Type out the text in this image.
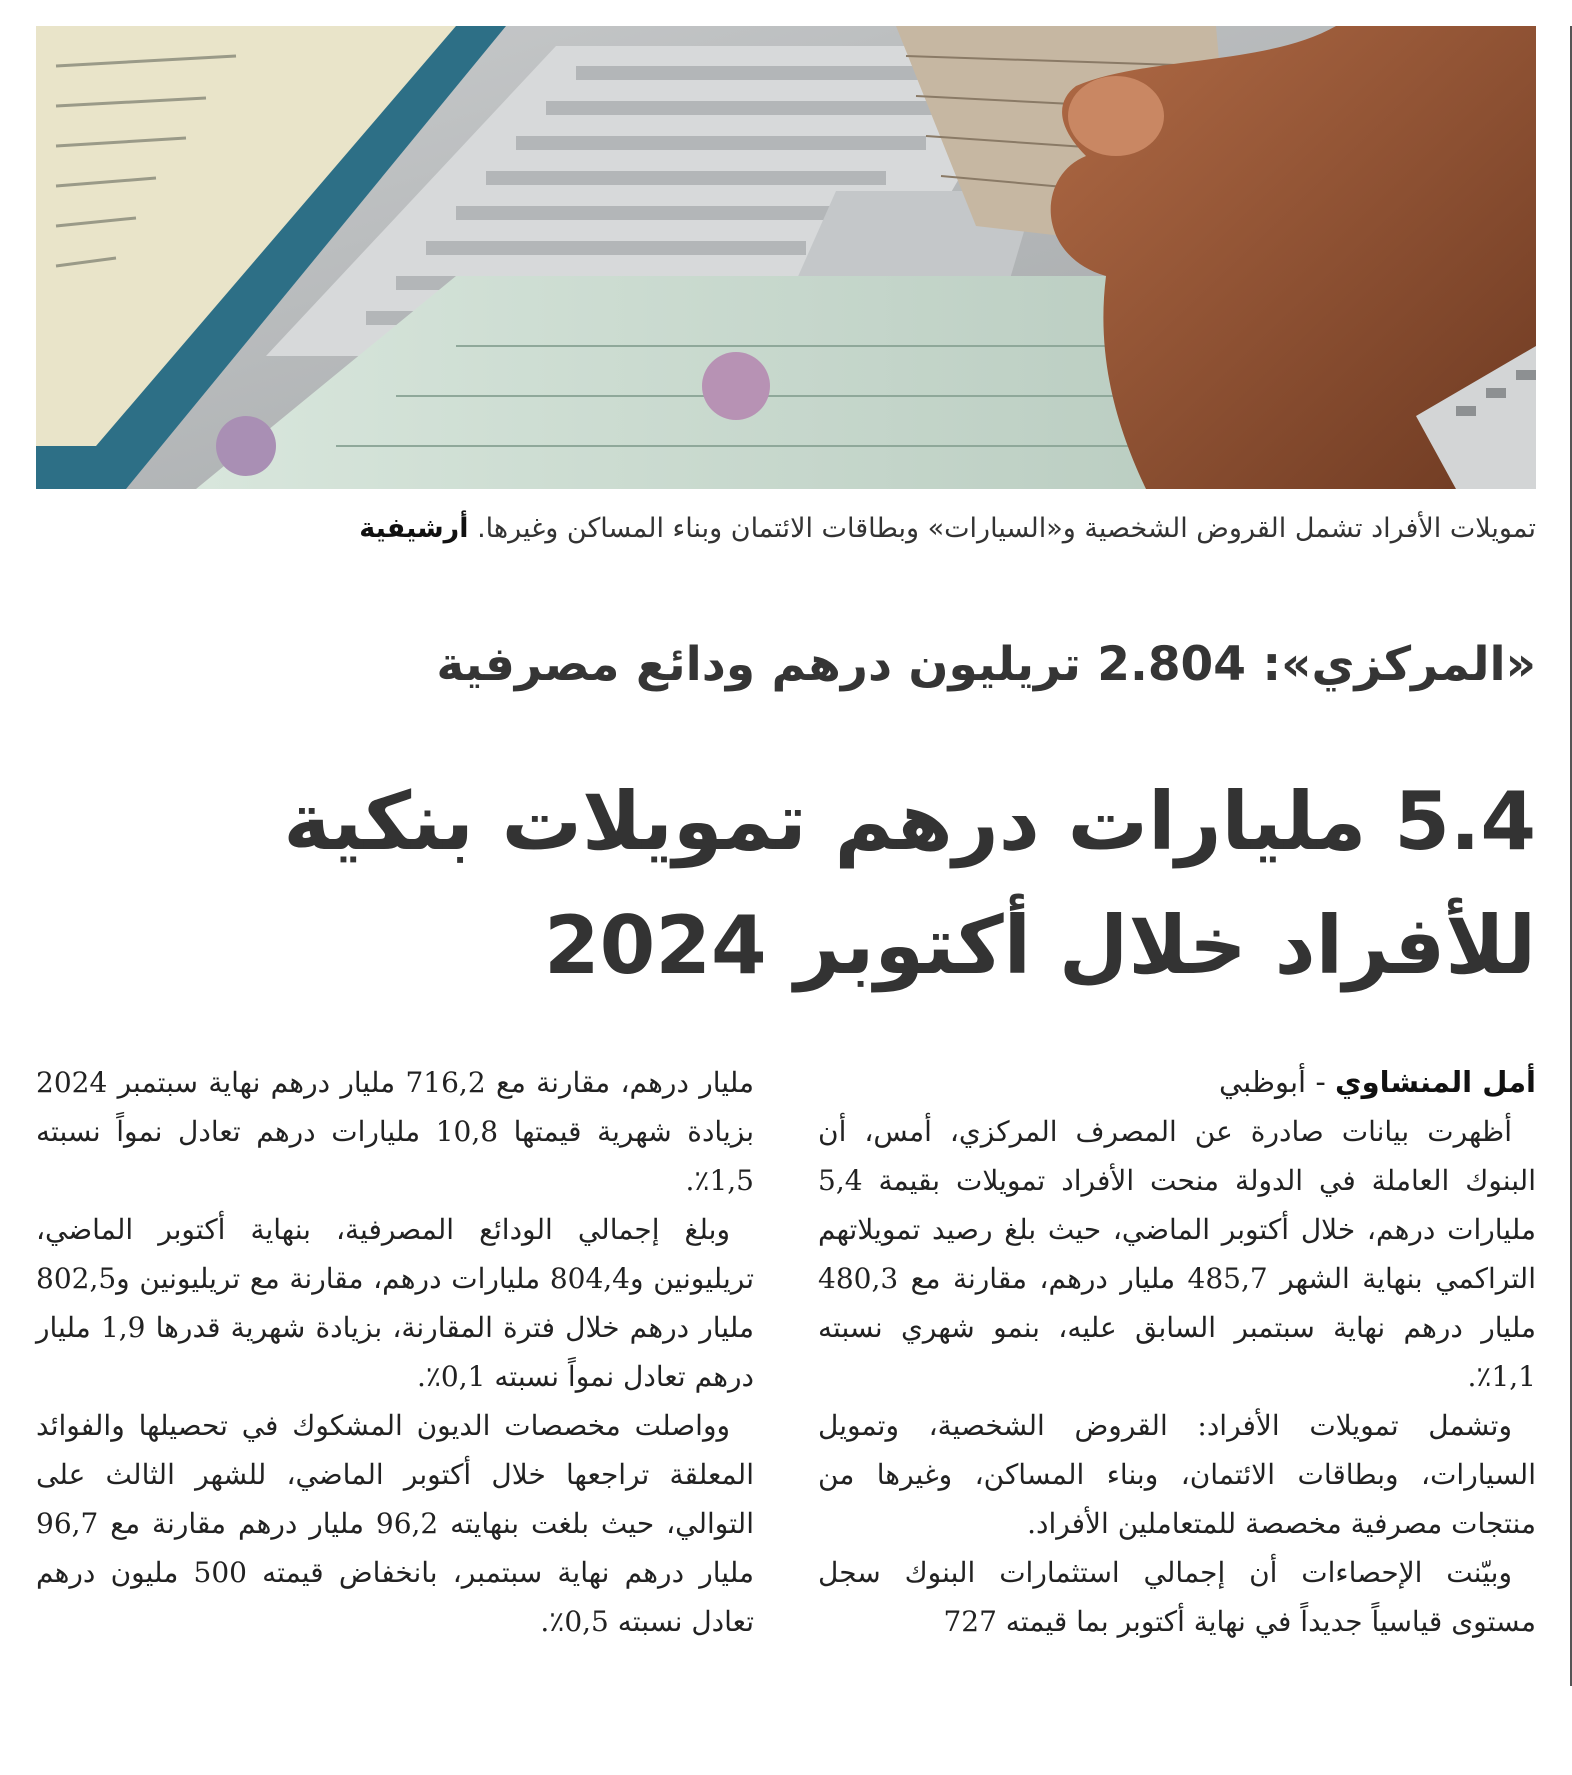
تمويلات الأفراد تشمل القروض الشخصية و«السيارات» وبطاقات الائتمان وبناء المساكن وغيرها. أرشيفية
«المركزي»: 2.804 تريليون درهم ودائع مصرفية
5.4 مليارات درهم تمويلات بنكية
للأفراد خلال أكتوبر 2024
أمل المنشاوي - أبوظبي

أظهرت بيانات صادرة عن المصرف المركزي، أمس، أن البنوك العاملة في الدولة منحت الأفراد تمويلات بقيمة 5,4 مليارات درهم، خلال أكتوبر الماضي، حيث بلغ رصيد تمويلاتهم التراكمي بنهاية الشهر 485,7 مليار درهم، مقارنة مع 480,3 مليار درهم نهاية سبتمبر السابق عليه، بنمو شهري نسبته 1,1٪.

وتشمل تمويلات الأفراد: القروض الشخصية، وتمويل السيارات، وبطاقات الائتمان، وبناء المساكن، وغيرها من منتجات مصرفية مخصصة للمتعاملين الأفراد.

وبيّنت الإحصاءات أن إجمالي استثمارات البنوك سجل مستوى قياسياً جديداً في نهاية أكتوبر بما قيمته 727

مليار درهم، مقارنة مع 716,2 مليار درهم نهاية سبتمبر 2024 بزيادة شهرية قيمتها 10,8 مليارات درهم تعادل نمواً نسبته 1,5٪.

وبلغ إجمالي الودائع المصرفية، بنهاية أكتوبر الماضي، تريليونين و804,4 مليارات درهم، مقارنة مع تريليونين و802,5 مليار درهم خلال فترة المقارنة، بزيادة شهرية قدرها 1,9 مليار درهم تعادل نمواً نسبته 0,1٪.

وواصلت مخصصات الديون المشكوك في تحصيلها والفوائد المعلقة تراجعها خلال أكتوبر الماضي، للشهر الثالث على التوالي، حيث بلغت بنهايته 96,2 مليار درهم مقارنة مع 96,7 مليار درهم نهاية سبتمبر، بانخفاض قيمته 500 مليون درهم تعادل نسبته 0,5٪.
